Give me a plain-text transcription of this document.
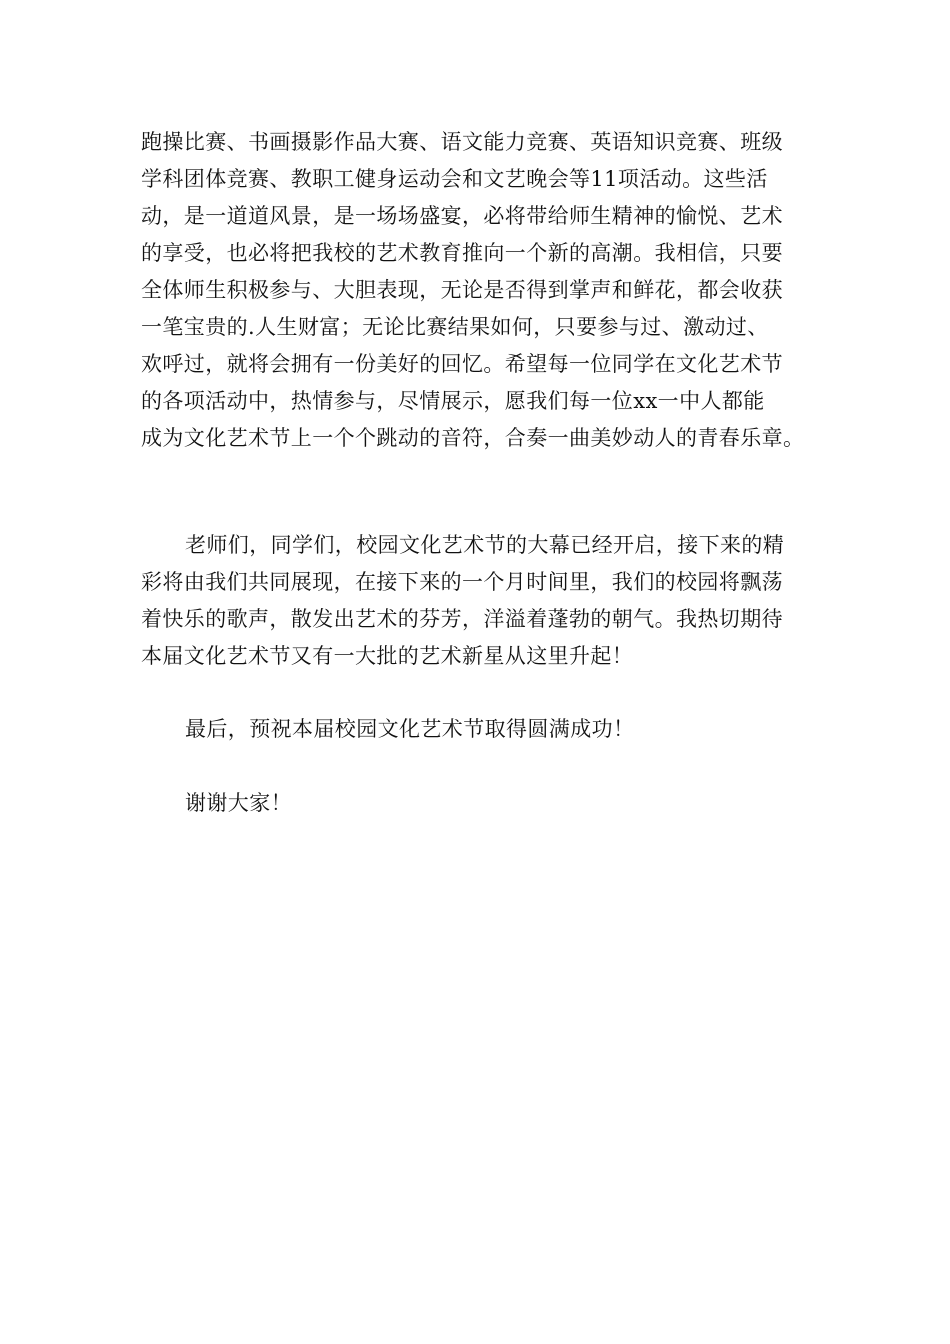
跑操比赛、书画摄影作品大赛、语文能力竞赛、英语知识竞赛、班级
学科团体竞赛、教职工健身运动会和文艺晚会等11项活动。这些活
动，是一道道风景，是一场场盛宴，必将带给师生精神的愉悦、艺术
的享受，也必将把我校的艺术教育推向一个新的高潮。我相信，只要
全体师生积极参与、大胆表现，无论是否得到掌声和鲜花，都会收获
一笔宝贵的.人生财富；无论比赛结果如何，只要参与过、激动过、
欢呼过，就将会拥有一份美好的回忆。希望每一位同学在文化艺术节
的各项活动中，热情参与，尽情展示，愿我们每一位xx一中人都能
成为文化艺术节上一个个跳动的音符，合奏一曲美妙动人的青春乐章。
老师们，同学们，校园文化艺术节的大幕已经开启，接下来的精
彩将由我们共同展现，在接下来的一个月时间里，我们的校园将飘荡
着快乐的歌声，散发出艺术的芬芳，洋溢着蓬勃的朝气。我热切期待
本届文化艺术节又有一大批的艺术新星从这里升起！
最后，预祝本届校园文化艺术节取得圆满成功！
谢谢大家！
